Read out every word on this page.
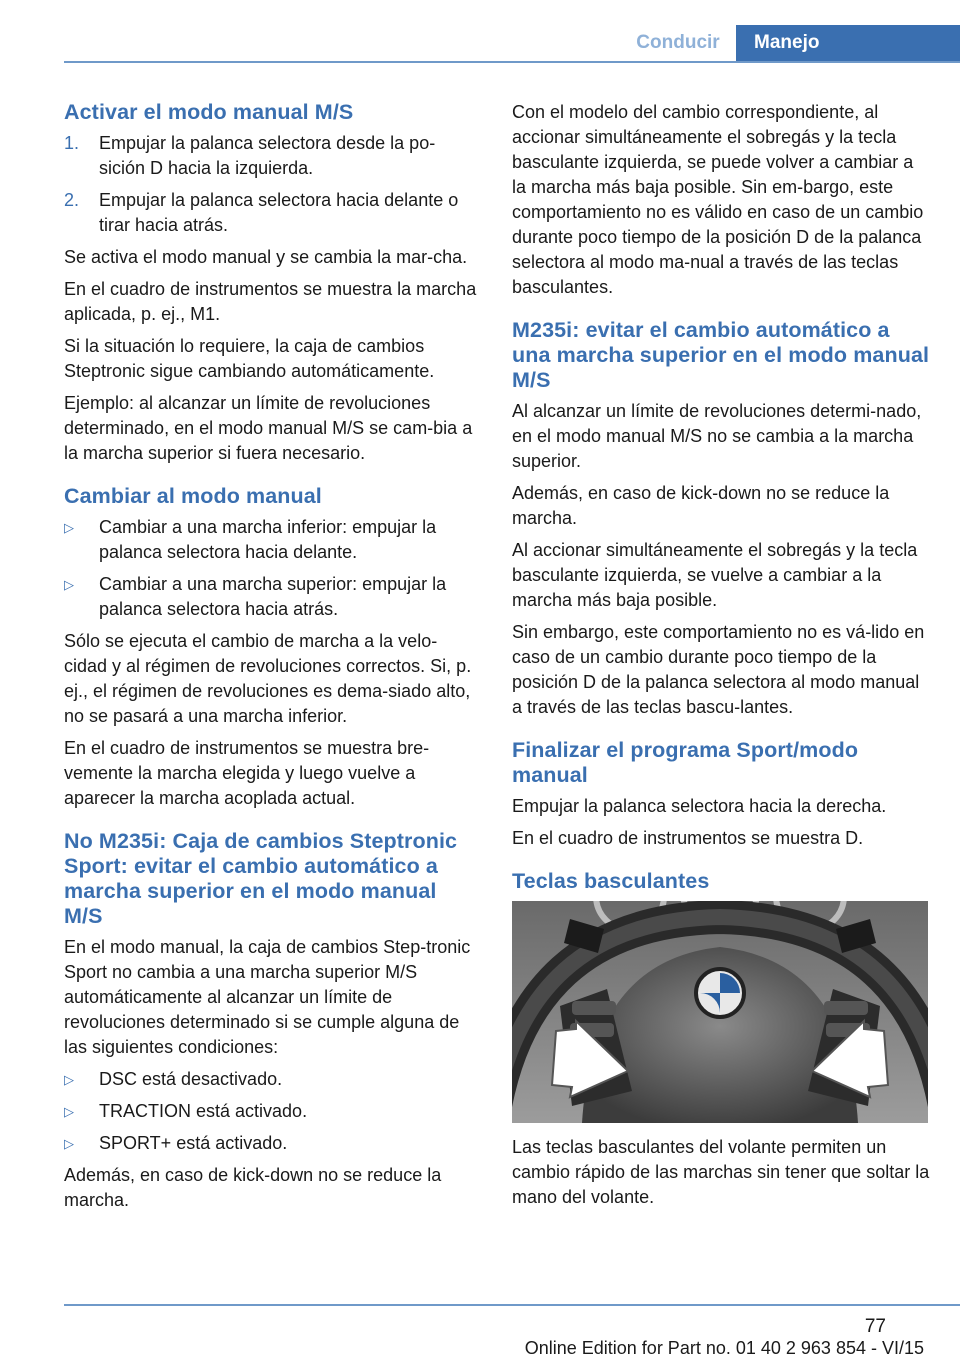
Conducir	Manejo
Activar el modo manual M/S
1.	Empujar la palanca selectora desde la po-sición D hacia la izquierda.
2.	Empujar la palanca selectora hacia delante o tirar hacia atrás.

Se activa el modo manual y se cambia la mar-cha.

En el cuadro de instrumentos se muestra la marcha aplicada, p. ej., M1.

Si la situación lo requiere, la caja de cambios Steptronic sigue cambiando automáticamente.

Ejemplo: al alcanzar un límite de revoluciones determinado, en el modo manual M/S se cam-bia a la marcha superior si fuera necesario.

Cambiar al modo manual
▷	Cambiar a una marcha inferior: empujar la palanca selectora hacia delante.
▷	Cambiar a una marcha superior: empujar la palanca selectora hacia atrás.

Sólo se ejecuta el cambio de marcha a la velo-cidad y al régimen de revoluciones correctos. Si, p. ej., el régimen de revoluciones es dema-siado alto, no se pasará a una marcha inferior.

En el cuadro de instrumentos se muestra bre-vemente la marcha elegida y luego vuelve a aparecer la marcha acoplada actual.

No M235i: Caja de cambios Steptronic Sport: evitar el cambio automático a marcha superior en el modo manual M/S

En el modo manual, la caja de cambios Step-tronic Sport no cambia a una marcha superior M/S automáticamente al alcanzar un límite de revoluciones determinado si se cumple alguna de las siguientes condiciones:

▷	DSC está desactivado.
▷	TRACTION está activado.
▷	SPORT+ está activado.

Además, en caso de kick-down no se reduce la marcha.

Con el modelo del cambio correspondiente, al accionar simultáneamente el sobregás y la tecla basculante izquierda, se puede volver a cambiar a la marcha más baja posible. Sin em-bargo, este comportamiento no es válido en caso de un cambio durante poco tiempo de la posición D de la palanca selectora al modo ma-nual a través de las teclas basculantes.

M235i: evitar el cambio automático a una marcha superior en el modo manual M/S

Al alcanzar un límite de revoluciones determi-nado, en el modo manual M/S no se cambia a la marcha superior.

Además, en caso de kick-down no se reduce la marcha.

Al accionar simultáneamente el sobregás y la tecla basculante izquierda, se vuelve a cambiar a la marcha más baja posible.

Sin embargo, este comportamiento no es vá-lido en caso de un cambio durante poco tiempo de la posición D de la palanca selectora al modo manual a través de las teclas bascu-lantes.

Finalizar el programa Sport/modo manual

Empujar la palanca selectora hacia la derecha.

En el cuadro de instrumentos se muestra D.

Teclas basculantes

Las teclas basculantes del volante permiten un cambio rápido de las marchas sin tener que soltar la mano del volante.

77
Online Edition for Part no. 01 40 2 963 854 - VI/15
